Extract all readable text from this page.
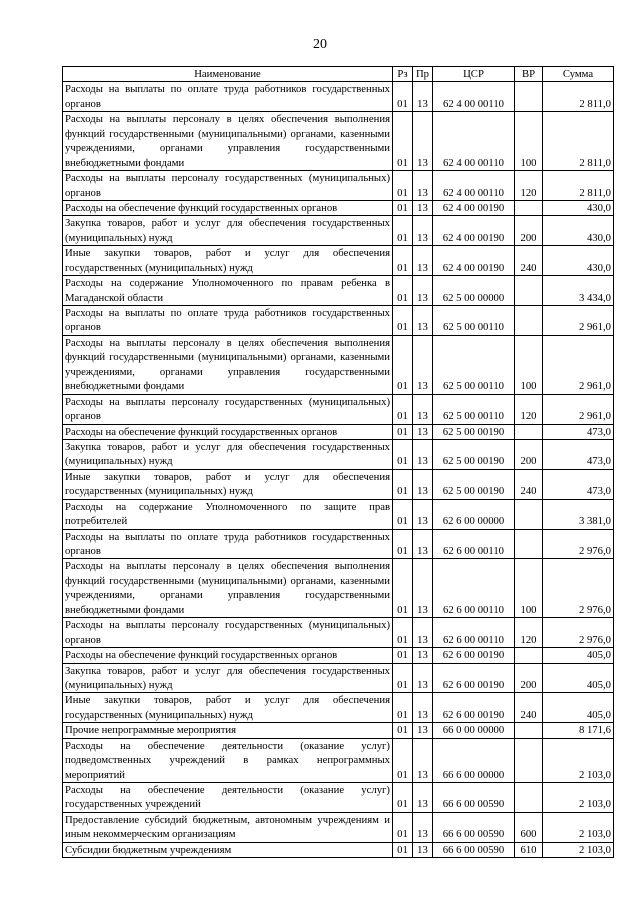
20
Наименование	Рз	Пр	ЦСР	ВР	Сумма
Расходы на выплаты по оплате труда работников государственных органов	01	13	62 4 00 00110		2 811,0
Расходы на выплаты персоналу в целях обеспечения выполнения функций государственными (муниципальными) органами, казенными учреждениями, органами управления государственными внебюджетными фондами	01	13	62 4 00 00110	100	2 811,0
Расходы на выплаты персоналу государственных (муниципальных) органов	01	13	62 4 00 00110	120	2 811,0
Расходы на обеспечение функций государственных органов	01	13	62 4 00 00190		430,0
Закупка товаров, работ и услуг для обеспечения государственных (муниципальных) нужд	01	13	62 4 00 00190	200	430,0
Иные закупки товаров, работ и услуг для обеспечения государственных (муниципальных) нужд	01	13	62 4 00 00190	240	430,0
Расходы на содержание Уполномоченного по правам ребенка в Магаданской области	01	13	62 5 00 00000		3 434,0
Расходы на выплаты по оплате труда работников государственных органов	01	13	62 5 00 00110		2 961,0
Расходы на выплаты персоналу в целях обеспечения выполнения функций государственными (муниципальными) органами, казенными учреждениями, органами управления государственными внебюджетными фондами	01	13	62 5 00 00110	100	2 961,0
Расходы на выплаты персоналу государственных (муниципальных) органов	01	13	62 5 00 00110	120	2 961,0
Расходы на обеспечение функций государственных органов	01	13	62 5 00 00190		473,0
Закупка товаров, работ и услуг для обеспечения государственных (муниципальных) нужд	01	13	62 5 00 00190	200	473,0
Иные закупки товаров, работ и услуг для обеспечения государственных (муниципальных) нужд	01	13	62 5 00 00190	240	473,0
Расходы на содержание Уполномоченного по защите прав потребителей	01	13	62 6 00 00000		3 381,0
Расходы на выплаты по оплате труда работников государственных органов	01	13	62 6 00 00110		2 976,0
Расходы на выплаты персоналу в целях обеспечения выполнения функций государственными (муниципальными) органами, казенными учреждениями, органами управления государственными внебюджетными фондами	01	13	62 6 00 00110	100	2 976,0
Расходы на выплаты персоналу государственных (муниципальных) органов	01	13	62 6 00 00110	120	2 976,0
Расходы на обеспечение функций государственных органов	01	13	62 6 00 00190		405,0
Закупка товаров, работ и услуг для обеспечения государственных (муниципальных) нужд	01	13	62 6 00 00190	200	405,0
Иные закупки товаров, работ и услуг для обеспечения государственных (муниципальных) нужд	01	13	62 6 00 00190	240	405,0
Прочие непрограммные мероприятия	01	13	66 0 00 00000		8 171,6
Расходы на обеспечение деятельности (оказание услуг) подведомственных учреждений в рамках непрограммных мероприятий	01	13	66 6 00 00000		2 103,0
Расходы на обеспечение деятельности (оказание услуг) государственных учреждений	01	13	66 6 00 00590		2 103,0
Предоставление субсидий бюджетным, автономным учреждениям и иным некоммерческим организациям	01	13	66 6 00 00590	600	2 103,0
Субсидии бюджетным учреждениям	01	13	66 6 00 00590	610	2 103,0
